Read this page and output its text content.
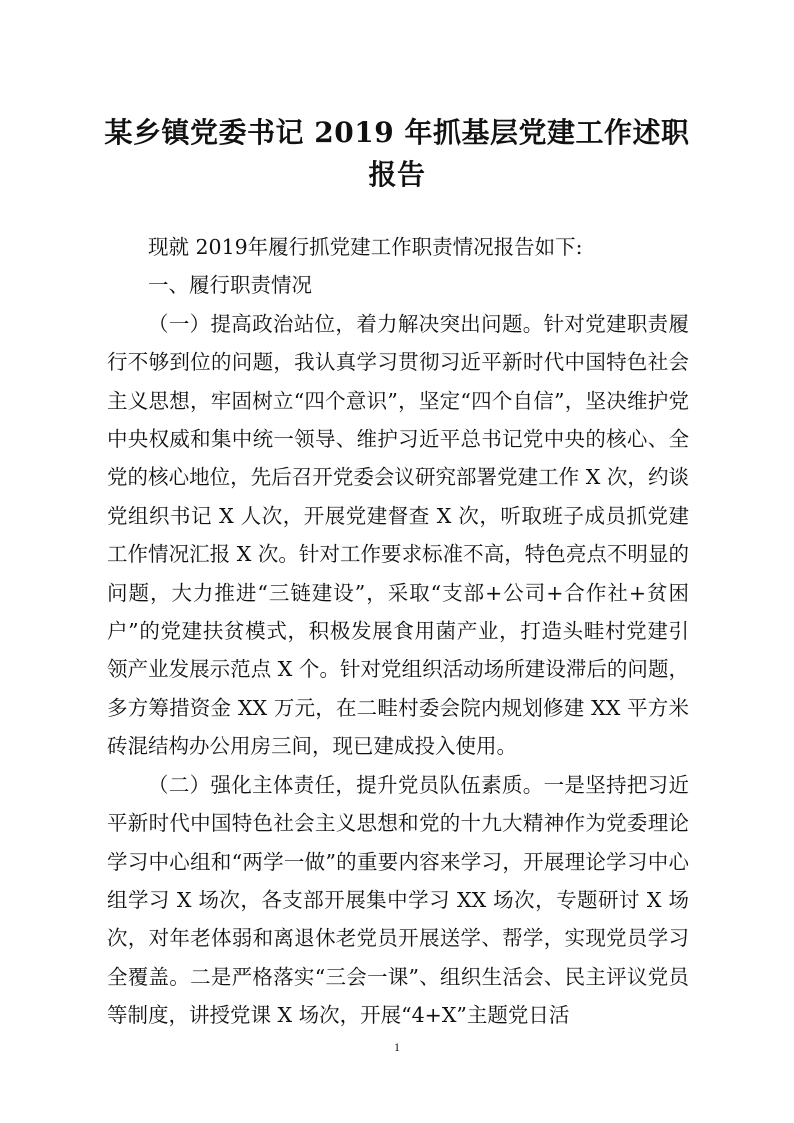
某乡镇党委书记 2019 年抓基层党建工作述职
报告

现就 2019年履行抓党建工作职责情况报告如下:

一、履行职责情况

（一）提高政治站位，着力解决突出问题。针对党建职责履行不够到位的问题，我认真学习贯彻习近平新时代中国特色社会主义思想，牢固树立“四个意识”，坚定“四个自信”，坚决维护党中央权威和集中统一领导、维护习近平总书记党中央的核心、全党的核心地位，先后召开党委会议研究部署党建工作 X 次，约谈党组织书记 X 人次，开展党建督查 X 次，听取班子成员抓党建工作情况汇报 X 次。针对工作要求标准不高，特色亮点不明显的问题，大力推进“三链建设”，采取“支部+公司+合作社+贫困户”的党建扶贫模式，积极发展食用菌产业，打造头畦村党建引领产业发展示范点 X 个。针对党组织活动场所建设滞后的问题，多方筹措资金 XX 万元，在二畦村委会院内规划修建 XX 平方米砖混结构办公用房三间，现已建成投入使用。

（二）强化主体责任，提升党员队伍素质。一是坚持把习近平新时代中国特色社会主义思想和党的十九大精神作为党委理论学习中心组和“两学一做”的重要内容来学习，开展理论学习中心组学习 X 场次，各支部开展集中学习 XX 场次，专题研讨 X 场次，对年老体弱和离退休老党员开展送学、帮学，实现党员学习全覆盖。二是严格落实“三会一课”、组织生活会、民主评议党员等制度，讲授党课 X 场次，开展“4+X”主题党日活

1
